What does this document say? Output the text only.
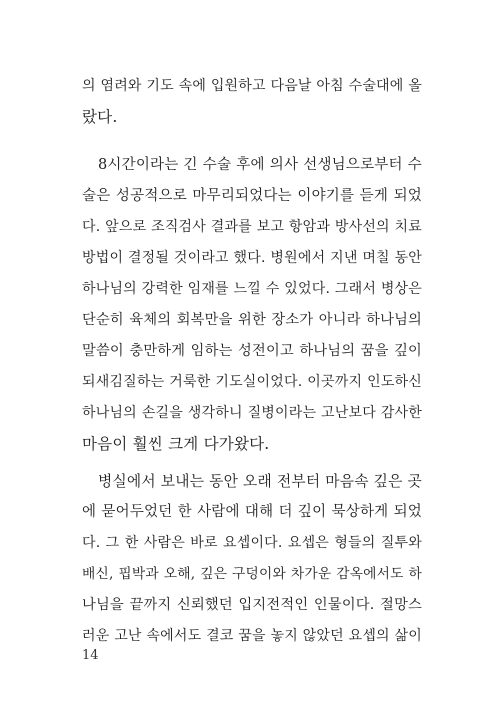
의 염려와 기도 속에 입원하고 다음날 아침 수술대에 올
랐다.
8시간이라는 긴 수술 후에 의사 선생님으로부터 수
술은 성공적으로 마무리되었다는 이야기를 듣게 되었
다. 앞으로 조직검사 결과를 보고 항암과 방사선의 치료
방법이 결정될 것이라고 했다. 병원에서 지낸 며칠 동안
하나님의 강력한 임재를 느낄 수 있었다. 그래서 병상은
단순히 육체의 회복만을 위한 장소가 아니라 하나님의
말씀이 충만하게 임하는 성전이고 하나님의 꿈을 깊이
되새김질하는 거룩한 기도실이었다. 이곳까지 인도하신
하나님의 손길을 생각하니 질병이라는 고난보다 감사한
마음이 훨씬 크게 다가왔다.
병실에서 보내는 동안 오래 전부터 마음속 깊은 곳
에 묻어두었던 한 사람에 대해 더 깊이 묵상하게 되었
다. 그 한 사람은 바로 요셉이다. 요셉은 형들의 질투와
배신, 핍박과 오해, 깊은 구덩이와 차가운 감옥에서도 하
나님을 끝까지 신뢰했던 입지전적인 인물이다. 절망스
러운 고난 속에서도 결코 꿈을 놓지 않았던 요셉의 삶이
14
